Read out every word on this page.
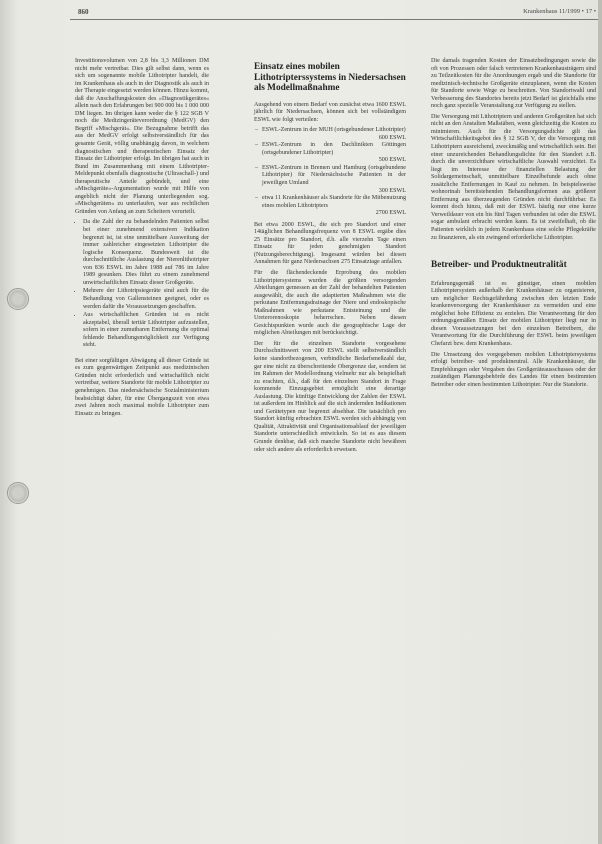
860	Krankenhaus 11/1999 • 17 •

Investitionsvolumen von 2,8 bis 3,3 Millionen DM nicht mehr vertretbar. Dies gilt selbst dann, wenn es sich um sogenannte mobile Lithotripter handelt, die im Krankenhaus als auch in der Diagnostik als auch in der Therapie eingesetzt werden können. Hinzu kommt, daß die Anschaffungskosten des »Diagnostikgerätes« allein nach den Erfahrungen bei 900 000 bis 1 000 000 DM liegen. Im übrigen kann weder die § 122 SGB V noch die Medizingeräteverordnung (MedGV) den Begriff »Mischgerät«. Die Bezugnahme betrifft das aus der MedGV erfolgt selbstverständlich für das gesamte Gerät, völlig unabhängig davon, in welchem diagnostischen und therapeutischen Einsatz der Einsatz der Lithotripter erfolgt. Im übrigen hat auch in Bund im Zusammenhang mit einem Lithotripter-Meldepunkt ebenfalls diagnostische (Ultraschall-) und therapeutische Anteile gebündelt, und eine »Mischgeräte«-Argumentation wurde mit Hilfe von angeblich nicht der Planung unterliegenden sog. »Mischgeräten« zu unterlaufen, war aus rechtlichen Gründen von Anfang an zum Scheitern verurteilt.

• Da die Zahl der zu behandelnden Patienten selbst bei einer zunehmend extensiven Indikation begrenzt ist, ist eine unmittelbare Ausweitung der immer zahlreicher eingesetzten Lithotripter die logische Konsequenz. Bundesweit ist die durchschnittliche Auslastung der Nierenlithotripter von 836 ESWL im Jahre 1988 auf 786 im Jahre 1989 gesunken. Dies führt zu einem zunehmend unwirtschaftlichen Einsatz dieser Großgeräte.
• Mehrere der Lithotripsiegeräte sind auch für die Behandlung von Gallensteinen geeignet, oder es werden dafür die Voraussetzungen geschaffen.
• Aus wirtschaftlichen Gründen ist es nicht akzeptabel, überall tertiär Lithotripter aufzustellen, sofern in einer zumutbaren Entfernung die optimal fehlende Behandlungsmöglichkeit zur Verfügung steht.

Bei einer sorgfältigen Abwägung all dieser Gründe ist es zum gegenwärtigen Zeitpunkt aus medizinischen Gründen nicht erforderlich und wirtschaftlich nicht vertretbar, weitere Standorte für mobile Lithotripter zu genehmigen. Das niedersächsische Sozialministerium beabsichtigt daher, für eine Übergangszeit von etwa zwei Jahren noch maximal mobile Lithotripter zum Einsatz zu bringen.

Einsatz eines mobilen Lithotripterssystems in Niedersachsen als Modellmaßnahme

Ausgehend von einem Bedarf von zunächst etwa 1600 ESWL jährlich für Niedersachsen, können sich bei vollständigem ESWL wie folgt verteilen:

– ESWL-Zentrum in der MUH (ortsgebundener Lithotripter)
600 ESWL
– ESWL-Zentrum in den Dachlinikten Göttingen (ortsgebundener Lithotripter)
500 ESWL
– ESWL-Zentrum in Bremen und Hamburg (ortsgebundene Lithotripter) für Niedersächsische Patienten in der jeweiligen Umland
300 ESWL
– etwa 11 Krankenhäuser als Standorte für die Mitbenutzung eines mobilen Lithotripters
2700 ESWL

Bei etwa 2000 ESWL, die sich pro Standort und einer 14täglichen Behandlungsfrequenz von 8 ESWL ergäbe dies 25 Einsätze pro Standort, d.h. alle vierzehn Tage einen Einsatz für jeden genehmigten Standort (Nutzungsberechtigung). Insgesamt würden bei diesen Annahmen für ganz Niedersachsen 275 Einsatztage anfallen.

Für die flächendeckende Erprobung des mobilen Lithotriptersystems wurden die größten versorgenden Abteilungen gemessen an der Zahl der behandelten Patienten ausgewählt, die auch die adaptierten Maßnahmen wie die perkutane Entfernungsdrainage der Niere und endoskopische Maßnahmen wie perkutane Entsteinung und die Ureterorenoskopie beherrschen. Neben diesen Gesichtspunkten wurde auch die geographische Lage der möglichen Abteilungen mit berücksichtigt.

Der für die einzelnen Standorte vorgesehene Durchschnittswert von 200 ESWL stellt selbstverständlich keine standortbezogenen, verbindliche Bedarfsmeßzahl dar, gar eine nicht zu überschreitende Obergrenze dar, sondern ist im Rahmen der Modellordnung vielmehr nur als beispielhaft zu erachten, d.h., daß für den einzelnen Standort in Frage kommende Einzugsgebiet ermöglicht eine derartige Auslastung. Die künftige Entwicklung der Zahlen der ESWL ist außerdem im Hinblick auf die sich ändernden Indikationen und Gerätetypen nur begrenzt absehbar. Die tatsächlich pro Standort künftig erbrachten ESWL werden sich abhängig von Qualität, Attraktivität und Organisationsablauf der jeweiligen Standorte unterschiedlich entwickeln. So ist es aus diesem Grunde denkbar, daß sich manche Standorte nicht bewähren oder sich andere als erforderlich erweisen.

Die damals tragenden Kosten der Einsatzbedingungen sowie die oft von Prozessen oder falsch vertretenen Krankenhausträgern sind zu Teilzeitkosten für die Anordnungen ergab und die Standorte für medizinisch-technische Großgeräte einzuplanen, wenn die Kosten für Standorte sowie Wege zu beschreiten. Von Standortwahl und Verbesserung des Standortes bereits jetzt Bedarf ist gleichfalls eine noch ganz spezielle Veranstaltung zur Verfügung zu stellen.

Die Versorgung mit Lithotriptern und anderen Großgeräten hat sich nicht an den Anstalten Maßstäben, wenn gleichzeitig die Kosten zu minimieren. Auch für die Versorgungsdichte gilt das Wirtschaftlichkeitsgebot des § 12 SGB V, der die Versorgung mit Lithotriptern ausreichend, zweckmäßig und wirtschaftlich sein. Bei einer unzureichenden Behandlungsdichte für den Standort z.B. durch die unverzichtbare wirtschaftliche Auswahl verzichtet. Es liegt im Interesse der finanziellen Belastung der Solidargemeinschaft, unmittelbare Einzelbefunde auch ohne zusätzliche Entfernungen in Kauf zu nehmen. In beispielsweise wohnortnah bereitstehenden Behandlungsformen aus größerer Entfernung aus überzeugenden Gründen nicht durchführbar. Es kommt doch hinzu, daß mit der ESWL häufig nur eine kurze Verweildauer von ein bis fünf Tagen verbunden ist oder die ESWL sogar ambulant erbracht werden kann. Es ist zweifelhaft, ob die Patienten wirklich in jedem Krankenhaus eine solche Pflegekräfte zu finanzieren, als ein zwingend erforderliche Lithotripter.

Betreiber- und Produktneutralität

Erfahrungsgemäß ist es günstiger, einen mobilen Lithotriptersystem außerhalb der Krankenhäuser zu organisieren, um möglicher Rechtsgefährdung zwischen den letzten Ende krankenversorgung der Krankenhäuser zu vermeiden und eine möglichst hohe Effizienz zu erzielen. Die Verantwortung für den ordnungsgemäßen Einsatz der mobilen Lithotripter liegt nur in diesen Voraussetzungen bei den einzelnen Betreibern, die Verantwortung für die Durchführung der ESWL beim jeweiligen Chefarzt bzw. dem Krankenhaus.

Die Umsetzung des vorgegebenen mobilen Lithotriptersystems erfolgt betreiber- und produktneutral. Alle Krankenhäuser, die Empfehlungen oder Vorgaben des Großgeräteausschusses oder der zuständigen Planungsbehörde des Landes für einen bestimmten Betreiber oder einen bestimmten Lithotripter. Nur die Standorte.
